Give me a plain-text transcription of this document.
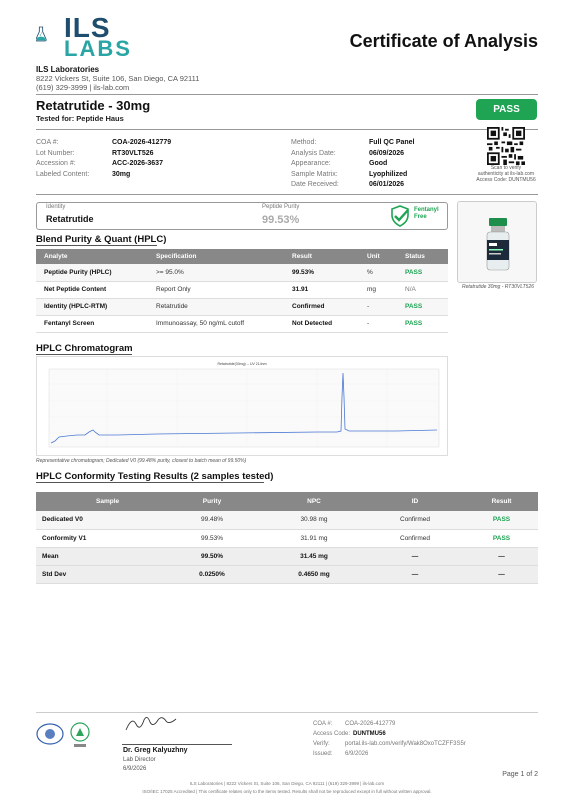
ILS
LABS	Certificate of Analysis
ILS Laboratories
8222 Vickers St, Suite 106, San Diego, CA 92111
(619) 329-3999 | ils-lab.com
Retatrutide - 30mg
Tested for: Peptide Haus
PASS
COA #:	COA-2026-412779
Lot Number:	RT30VLT526
Accession #:	ACC-2026-3637
Labeled Content:	30mg
Method:	Full QC Panel
Analysis Date:	06/09/2026
Appearance:	Good
Sample Matrix:	Lyophilized
Date Received:	06/01/2026
Scan to verify
authenticity at ils-lab.com
Access Code: DUNTMU56
Identity
Retatrutide
Peptide Purity
99.53%
Fentanyl
Free
Retatrutide 30mg - RT30VLT526
Blend Purity & Quant (HPLC)
Analyte	Specification	Result	Unit	Status
Peptide Purity (HPLC)	>= 95.0%	99.53%	%	PASS
Net Peptide Content	Report Only	31.91	mg	N/A
Identity (HPLC-RTM)	Retatrutide	Confirmed	-	PASS
Fentanyl Screen	Immunoassay, 50 ng/mL cutoff	Not Detected	-	PASS
HPLC Chromatogram
Retatrutide(30mg) -- UV 214nm
Representative chromatogram; Dedicated V0 (99.48% purity, closest to batch mean of 99.50%)
HPLC Conformity Testing Results (2 samples tested)
Sample	Purity	NPC	ID	Result
Dedicated V0	99.48%	30.98 mg	Confirmed	PASS
Conformity V1	99.53%	31.91 mg	Confirmed	PASS
Mean	99.50%	31.45 mg	—	—
Std Dev	0.0250%	0.4650 mg	—	—
Dr. Greg Kalyuzhny
Lab Director
6/9/2026
COA #: COA-2026-412779
Access Code: DUNTMU56
Verify:	portal.ils-lab.com/verify/Wak8OxoTCZFF3S5r
Issued: 6/9/2026
Page 1 of 2
ILS Laboratories | 8222 Vickers St, Suite 106, San Diego, CA 92111 | (619) 329-3999 | ils-lab.com
ISO/IEC 17025 Accredited | This certificate relates only to the items tested. Results shall not be reproduced except in full without written approval.
